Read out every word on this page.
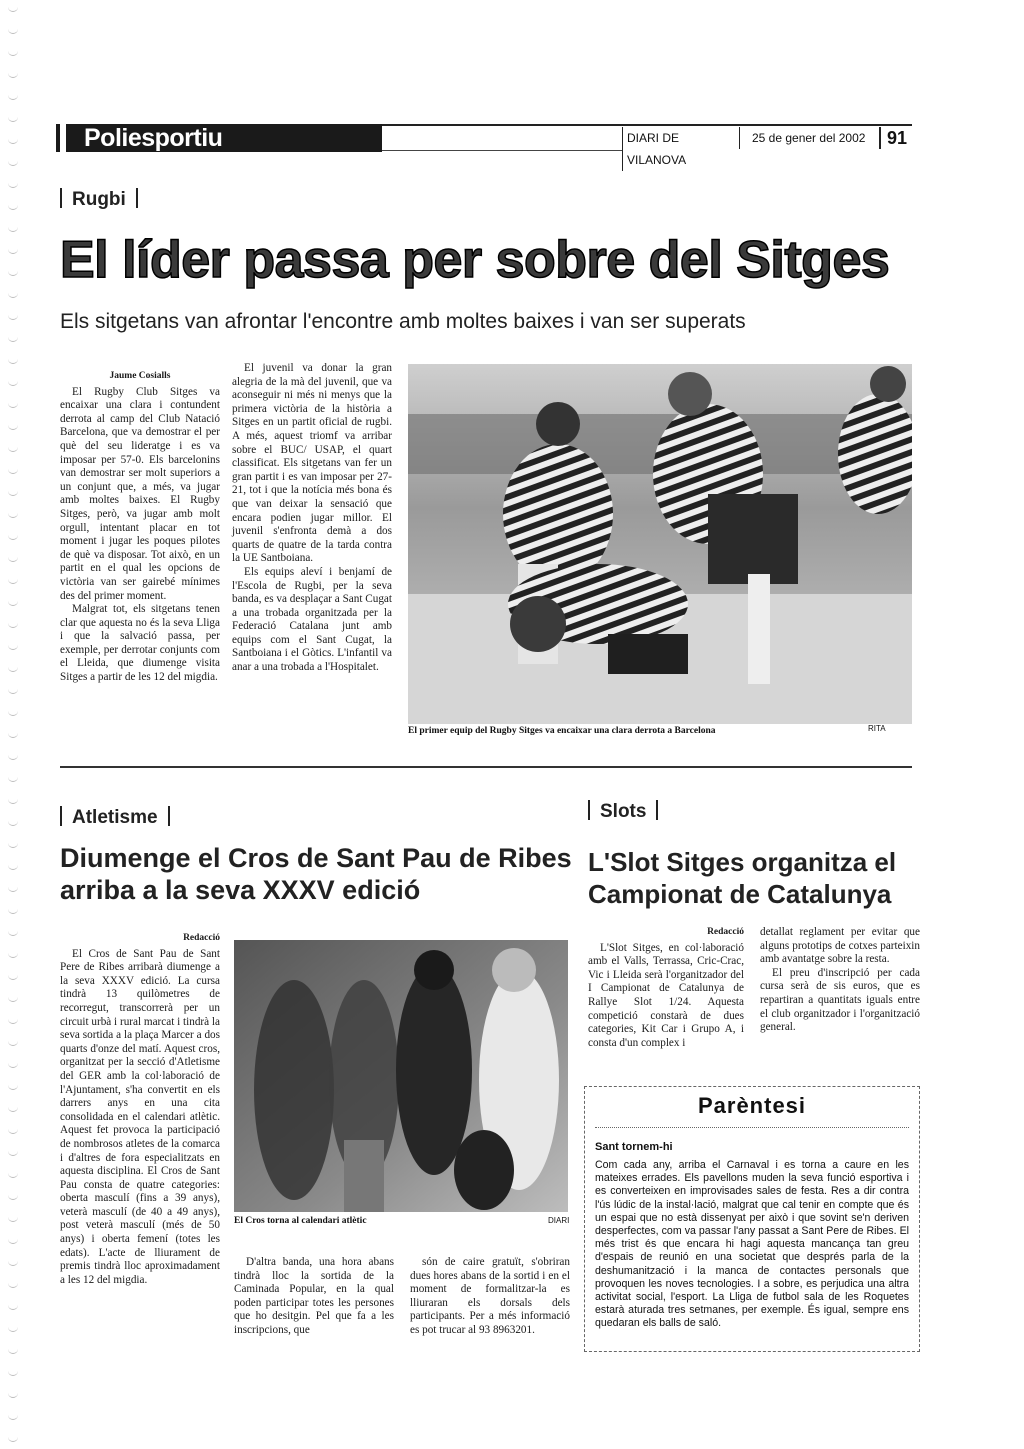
Poliesportiu	DIARI DE VILANOVA
25 de gener del 2002	91
Rugbi
El líder passa per sobre del Sitges
Els sitgetans van afrontar l'encontre amb moltes baixes i van ser superats
Jaume Cosialls

El Rugby Club Sitges va encaixar una clara i contundent derrota al camp del Club Natació Barcelona, que va demostrar el per què del seu lideratge i es va imposar per 57-0. Els barcelonins van demostrar ser molt superiors a un conjunt que, a més, va jugar amb moltes baixes. El Rugby Sitges, però, va jugar amb molt orgull, intentant placar en tot moment i jugar les poques pilotes de què va disposar. Tot això, en un partit en el qual les opcions de victòria van ser gairebé mínimes des del primer moment.

Malgrat tot, els sitgetans tenen clar que aquesta no és la seva Lliga i que la salvació passa, per exemple, per derrotar conjunts com el Lleida, que diumenge visita Sitges a partir de les 12 del migdia.

El juvenil va donar la gran alegria de la mà del juvenil, que va aconseguir ni més ni menys que la primera victòria de la història a Sitges en un partit oficial de rugbi. A més, aquest triomf va arribar sobre el BUC/ USAP, el quart classificat. Els sitgetans van fer un gran partit i es van imposar per 27-21, tot i que la notícia més bona és que van deixar la sensació que encara podien jugar millor. El juvenil s'enfronta demà a dos quarts de quatre de la tarda contra la UE Santboiana.

Els equips aleví i benjamí de l'Escola de Rugbi, per la seva banda, es va desplaçar a Sant Cugat a una trobada organitzada per la Federació Catalana junt amb equips com el Sant Cugat, la Santboiana i el Gòtics. L'infantil va anar a una trobada a l'Hospitalet.

El primer equip del Rugby Sitges va encaixar una clara derrota a Barcelona	RITA
Atletisme
Diumenge el Cros de Sant Pau de Ribes arriba a la seva XXXV edició
Redacció

El Cros de Sant Pau de Sant Pere de Ribes arribarà diumenge a la seva XXXV edició. La cursa tindrà 13 quilòmetres de recorregut, transcorrerà per un circuit urbà i rural marcat i tindrà la seva sortida a la plaça Marcer a dos quarts d'onze del matí. Aquest cros, organitzat per la secció d'Atletisme del GER amb la col·laboració de l'Ajuntament, s'ha convertit en els darrers anys en una cita consolidada en el calendari atlètic. Aquest fet provoca la participació de nombrosos atletes de la comarca i d'altres de fora especialitzats en aquesta disciplina. El Cros de Sant Pau consta de quatre categories: oberta masculí (fins a 39 anys), veterà masculí (de 40 a 49 anys), post veterà masculí (més de 50 anys) i oberta femení (totes les edats). L'acte de lliurament de premis tindrà lloc aproximadament a les 12 del migdia.

El Cros torna al calendari atlètic	DIARI

D'altra banda, una hora abans tindrà lloc la sortida de la Caminada Popular, en la qual poden participar totes les persones que ho desitgin. Pel que fa a les inscripcions, que

són de caire gratuït, s'obriran dues hores abans de la sortid i en el moment de formalitzar-la es lliuraran els dorsals dels participants. Per a més informació es pot trucar al 93 8963201.

Slots
L'Slot Sitges organitza el Campionat de Catalunya
Redacció

L'Slot Sitges, en col·laboració amb el Valls, Terrassa, Cric-Crac, Vic i Lleida serà l'organitzador del I Campionat de Catalunya de Rallye Slot 1/24. Aquesta competició constarà de dues categories, Kit Car i Grupo A, i consta d'un complex i

detallat reglament per evitar que alguns prototips de cotxes parteixin amb avantatge sobre la resta.

El preu d'inscripció per cada cursa serà de sis euros, que es repartiran a quantitats iguals entre el club organitzador i l'organització general.

Parèntesi
Sant tornem-hi
Com cada any, arriba el Carnaval i es torna a caure en les mateixes errades. Els pavellons muden la seva funció esportiva i es converteixen en improvisades sales de festa. Res a dir contra l'ús lúdic de la instal·lació, malgrat que cal tenir en compte que és un espai que no està dissenyat per això i que sovint se'n deriven desperfectes, com va passar l'any passat a Sant Pere de Ribes. El més trist és que encara hi hagi aquesta mancança tan greu d'espais de reunió en una societat que després parla de la deshumanització i la manca de contactes personals que provoquen les noves tecnologies. I a sobre, es perjudica una altra activitat social, l'esport. La Lliga de futbol sala de les Roquetes estarà aturada tres setmanes, per exemple. És igual, sempre ens quedaran els balls de saló.
